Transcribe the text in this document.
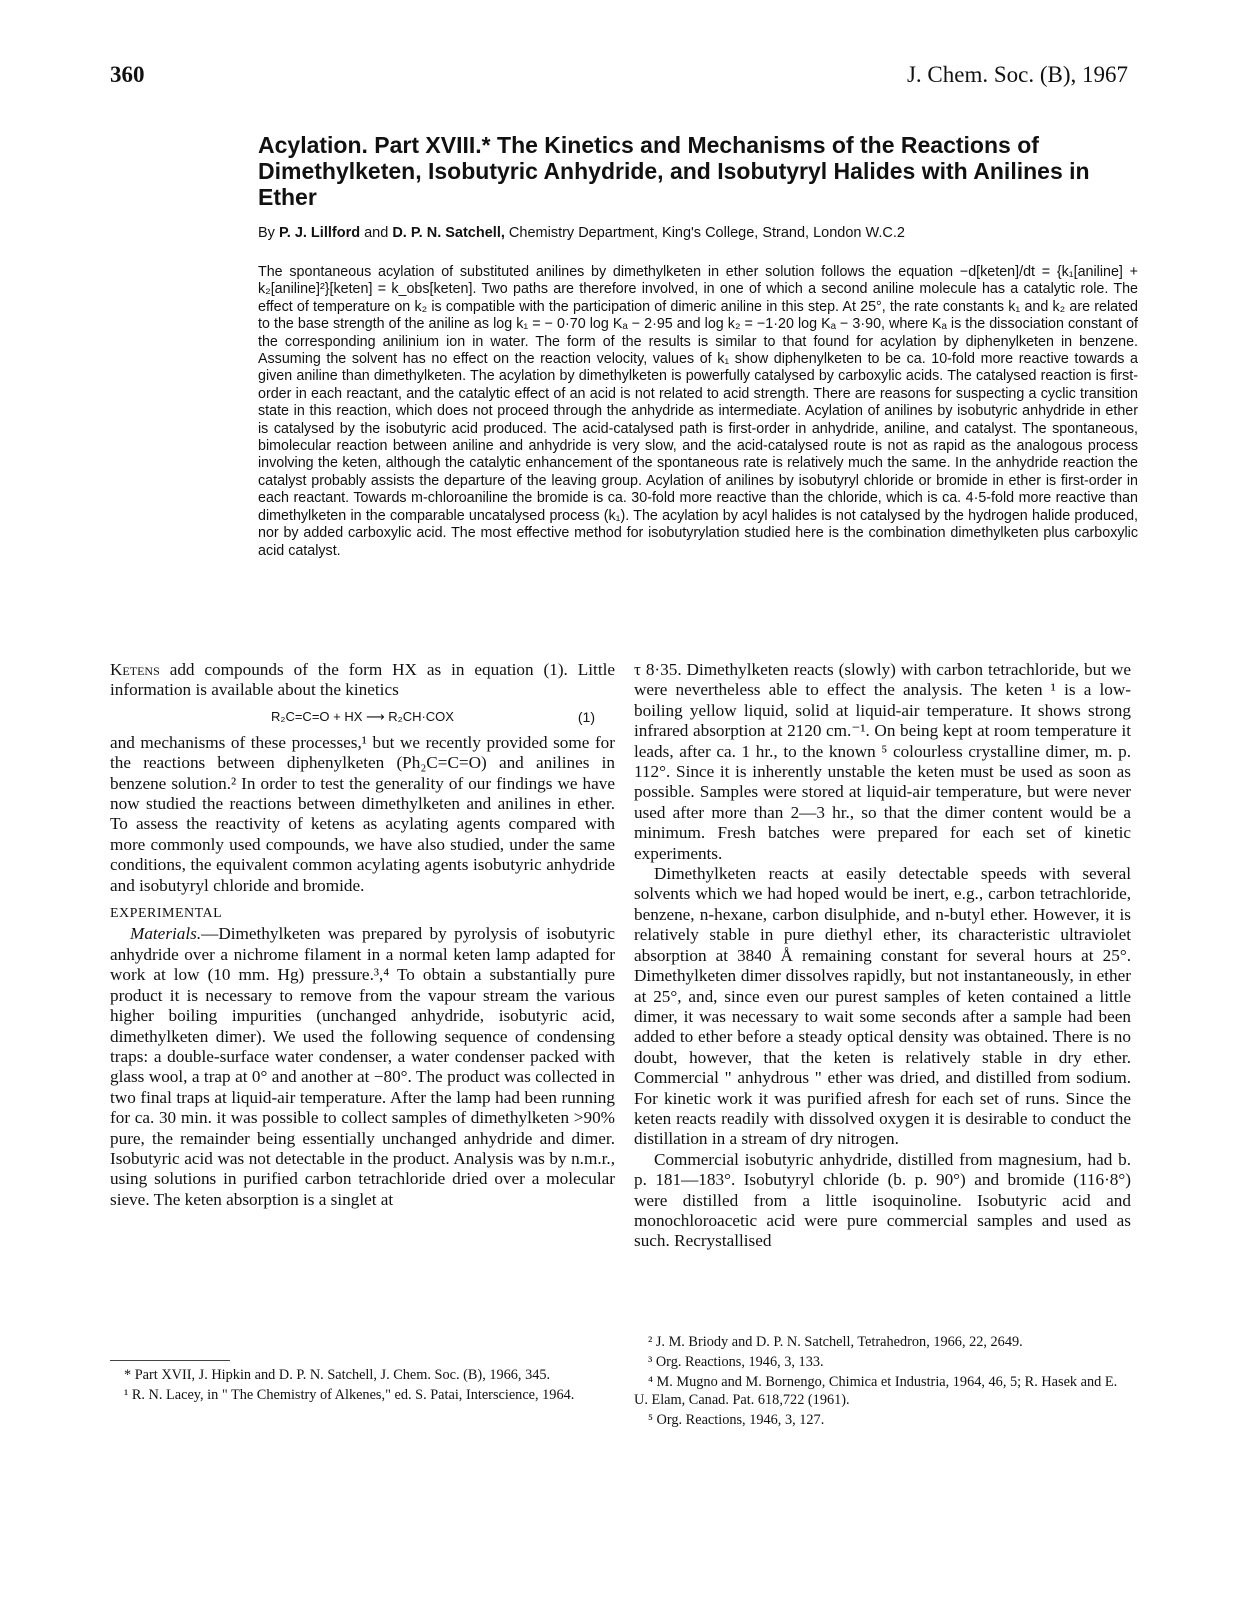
360	J. Chem. Soc. (B), 1967
Acylation. Part XVIII.* The Kinetics and Mechanisms of the Reactions of Dimethylketen, Isobutyric Anhydride, and Isobutyryl Halides with Anilines in Ether
By P. J. Lillford and D. P. N. Satchell, Chemistry Department, King's College, Strand, London W.C.2
The spontaneous acylation of substituted anilines by dimethylketen in ether solution follows the equation −d[keten]/dt = {k₁[aniline] + k₂[aniline]²}[keten] = k_obs[keten]. Two paths are therefore involved, in one of which a second aniline molecule has a catalytic role. The effect of temperature on k₂ is compatible with the participation of dimeric aniline in this step. At 25°, the rate constants k₁ and k₂ are related to the base strength of the aniline as log k₁ = − 0·70 log Kₐ − 2·95 and log k₂ = −1·20 log Kₐ − 3·90, where Kₐ is the dissociation constant of the corresponding anilinium ion in water. The form of the results is similar to that found for acylation by diphenylketen in benzene. Assuming the solvent has no effect on the reaction velocity, values of k₁ show diphenylketen to be ca. 10-fold more reactive towards a given aniline than dimethylketen. The acylation by dimethylketen is powerfully catalysed by carboxylic acids. The catalysed reaction is first-order in each reactant, and the catalytic effect of an acid is not related to acid strength. There are reasons for suspecting a cyclic transition state in this reaction, which does not proceed through the anhydride as intermediate. Acylation of anilines by isobutyric anhydride in ether is catalysed by the isobutyric acid produced. The acid-catalysed path is first-order in anhydride, aniline, and catalyst. The spontaneous, bimolecular reaction between aniline and anhydride is very slow, and the acid-catalysed route is not as rapid as the analogous process involving the keten, although the catalytic enhancement of the spontaneous rate is relatively much the same. In the anhydride reaction the catalyst probably assists the departure of the leaving group. Acylation of anilines by isobutyryl chloride or bromide in ether is first-order in each reactant. Towards m-chloroaniline the bromide is ca. 30-fold more reactive than the chloride, which is ca. 4·5-fold more reactive than dimethylketen in the comparable uncatalysed process (k₁). The acylation by acyl halides is not catalysed by the hydrogen halide produced, nor by added carboxylic acid. The most effective method for isobutyrylation studied here is the combination dimethylketen plus carboxylic acid catalyst.

Ketens add compounds of the form HX as in equation (1). Little information is available about the kinetics

R₂C=C=O + HX ⟶ R₂CH·COX	(1)

and mechanisms of these processes,¹ but we recently provided some for the reactions between diphenylketen (Ph₂C=C=O) and anilines in benzene solution.² In order to test the generality of our findings we have now studied the reactions between dimethylketen and anilines in ether. To assess the reactivity of ketens as acylating agents compared with more commonly used compounds, we have also studied, under the same conditions, the equivalent common acylating agents isobutyric anhydride and isobutyryl chloride and bromide.

EXPERIMENTAL

Materials.—Dimethylketen was prepared by pyrolysis of isobutyric anhydride over a nichrome filament in a normal keten lamp adapted for work at low (10 mm. Hg) pressure.³,⁴ To obtain a substantially pure product it is necessary to remove from the vapour stream the various higher boiling impurities (unchanged anhydride, isobutyric acid, dimethylketen dimer). We used the following sequence of condensing traps: a double-surface water condenser, a water condenser packed with glass wool, a trap at 0° and another at −80°. The product was collected in two final traps at liquid-air temperature. After the lamp had been running for ca. 30 min. it was possible to collect samples of dimethylketen >90% pure, the remainder being essentially unchanged anhydride and dimer. Isobutyric acid was not detectable in the product. Analysis was by n.m.r., using solutions in purified carbon tetrachloride dried over a molecular sieve. The keten absorption is a singlet at

* Part XVII, J. Hipkin and D. P. N. Satchell, J. Chem. Soc. (B), 1966, 345.

¹ R. N. Lacey, in " The Chemistry of Alkenes," ed. S. Patai, Interscience, 1964.

τ 8·35. Dimethylketen reacts (slowly) with carbon tetrachloride, but we were nevertheless able to effect the analysis. The keten ¹ is a low-boiling yellow liquid, solid at liquid-air temperature. It shows strong infrared absorption at 2120 cm.⁻¹. On being kept at room temperature it leads, after ca. 1 hr., to the known ⁵ colourless crystalline dimer, m. p. 112°. Since it is inherently unstable the keten must be used as soon as possible. Samples were stored at liquid-air temperature, but were never used after more than 2—3 hr., so that the dimer content would be a minimum. Fresh batches were prepared for each set of kinetic experiments.

Dimethylketen reacts at easily detectable speeds with several solvents which we had hoped would be inert, e.g., carbon tetrachloride, benzene, n-hexane, carbon disulphide, and n-butyl ether. However, it is relatively stable in pure diethyl ether, its characteristic ultraviolet absorption at 3840 Å remaining constant for several hours at 25°. Dimethylketen dimer dissolves rapidly, but not instantaneously, in ether at 25°, and, since even our purest samples of keten contained a little dimer, it was necessary to wait some seconds after a sample had been added to ether before a steady optical density was obtained. There is no doubt, however, that the keten is relatively stable in dry ether. Commercial " anhydrous " ether was dried, and distilled from sodium. For kinetic work it was purified afresh for each set of runs. Since the keten reacts readily with dissolved oxygen it is desirable to conduct the distillation in a stream of dry nitrogen.

Commercial isobutyric anhydride, distilled from magnesium, had b. p. 181—183°. Isobutyryl chloride (b. p. 90°) and bromide (116·8°) were distilled from a little isoquinoline. Isobutyric acid and monochloroacetic acid were pure commercial samples and used as such. Recrystallised

² J. M. Briody and D. P. N. Satchell, Tetrahedron, 1966, 22, 2649.

³ Org. Reactions, 1946, 3, 133.

⁴ M. Mugno and M. Bornengo, Chimica et Industria, 1964, 46, 5; R. Hasek and E. U. Elam, Canad. Pat. 618,722 (1961).

⁵ Org. Reactions, 1946, 3, 127.
